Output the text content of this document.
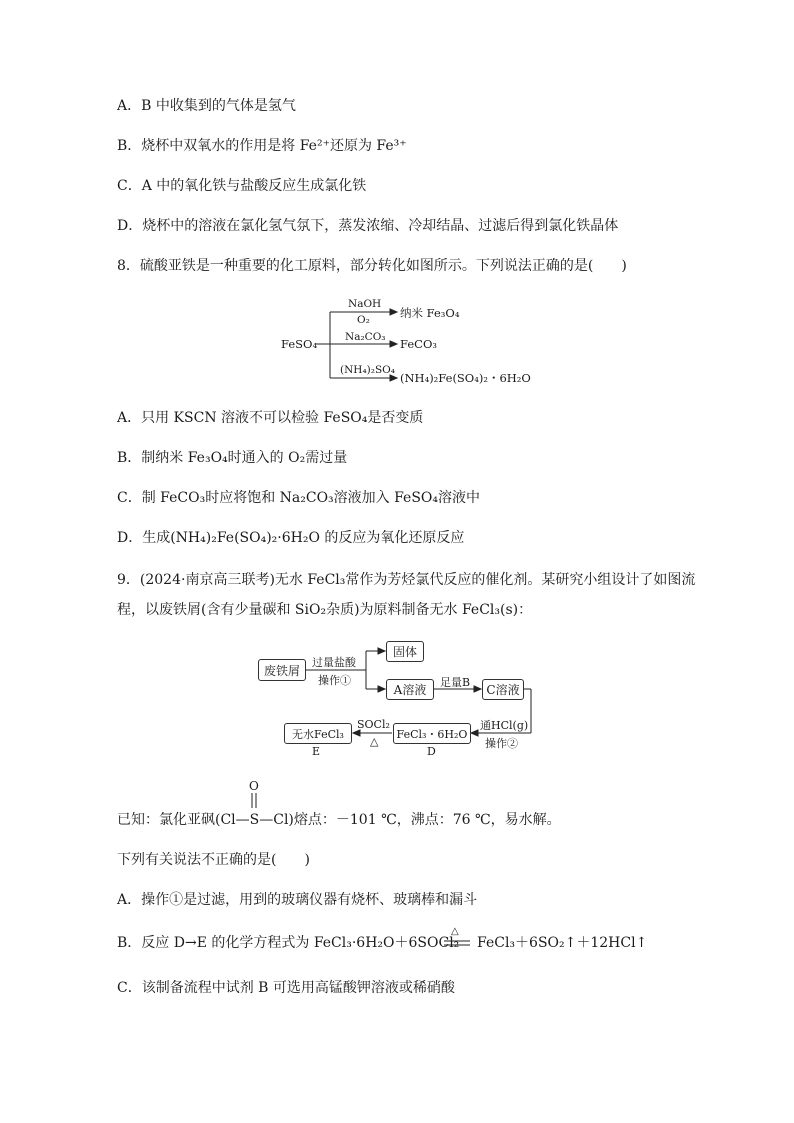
A．B 中收集到的气体是氢气
B．烧杯中双氧水的作用是将 Fe²⁺还原为 Fe³⁺
C．A 中的氧化铁与盐酸反应生成氯化铁
D．烧杯中的溶液在氯化氢气氛下，蒸发浓缩、冷却结晶、过滤后得到氯化铁晶体
8．硫酸亚铁是一种重要的化工原料，部分转化如图所示。下列说法正确的是(　　)
FeSO₄
NaOH
O₂	纳米 Fe₃O₄
Na₂CO₃ FeCO₃
(NH₄)₂SO₄
(NH₄)₂Fe(SO₄)₂・6H₂O
A．只用 KSCN 溶液不可以检验 FeSO₄是否变质
B．制纳米 Fe₃O₄时通入的 O₂需过量
C．制 FeCO₃时应将饱和 Na₂CO₃溶液加入 FeSO₄溶液中
D．生成(NH₄)₂Fe(SO₄)₂·6H₂O 的反应为氧化还原反应
9．(2024·南京高三联考)无水 FeCl₃常作为芳烃氯代反应的催化剂。某研究小组设计了如图流
程，以废铁屑(含有少量碳和 SiO₂杂质)为原料制备无水 FeCl₃(s)：
废铁屑
过量盐酸
操作①
固体
A溶液
足量B
C溶液
通HCl(g)
操作②
FeCl₃・6H₂O
D
SOCl₂
△
无水FeCl₃
E
O
已知：氯化亚砜(Cl—S—Cl)熔点：－101 ℃，沸点：76 ℃，易水解。
下列有关说法不正确的是(　　)
A．操作①是过滤，用到的玻璃仪器有烧杯、玻璃棒和漏斗
B．反应 D→E 的化学方程式为 FeCl₃·6H₂O＋6SOCl₂
△
FeCl₃＋6SO₂↑＋12HCl↑
C．该制备流程中试剂 B 可选用高锰酸钾溶液或稀硝酸
